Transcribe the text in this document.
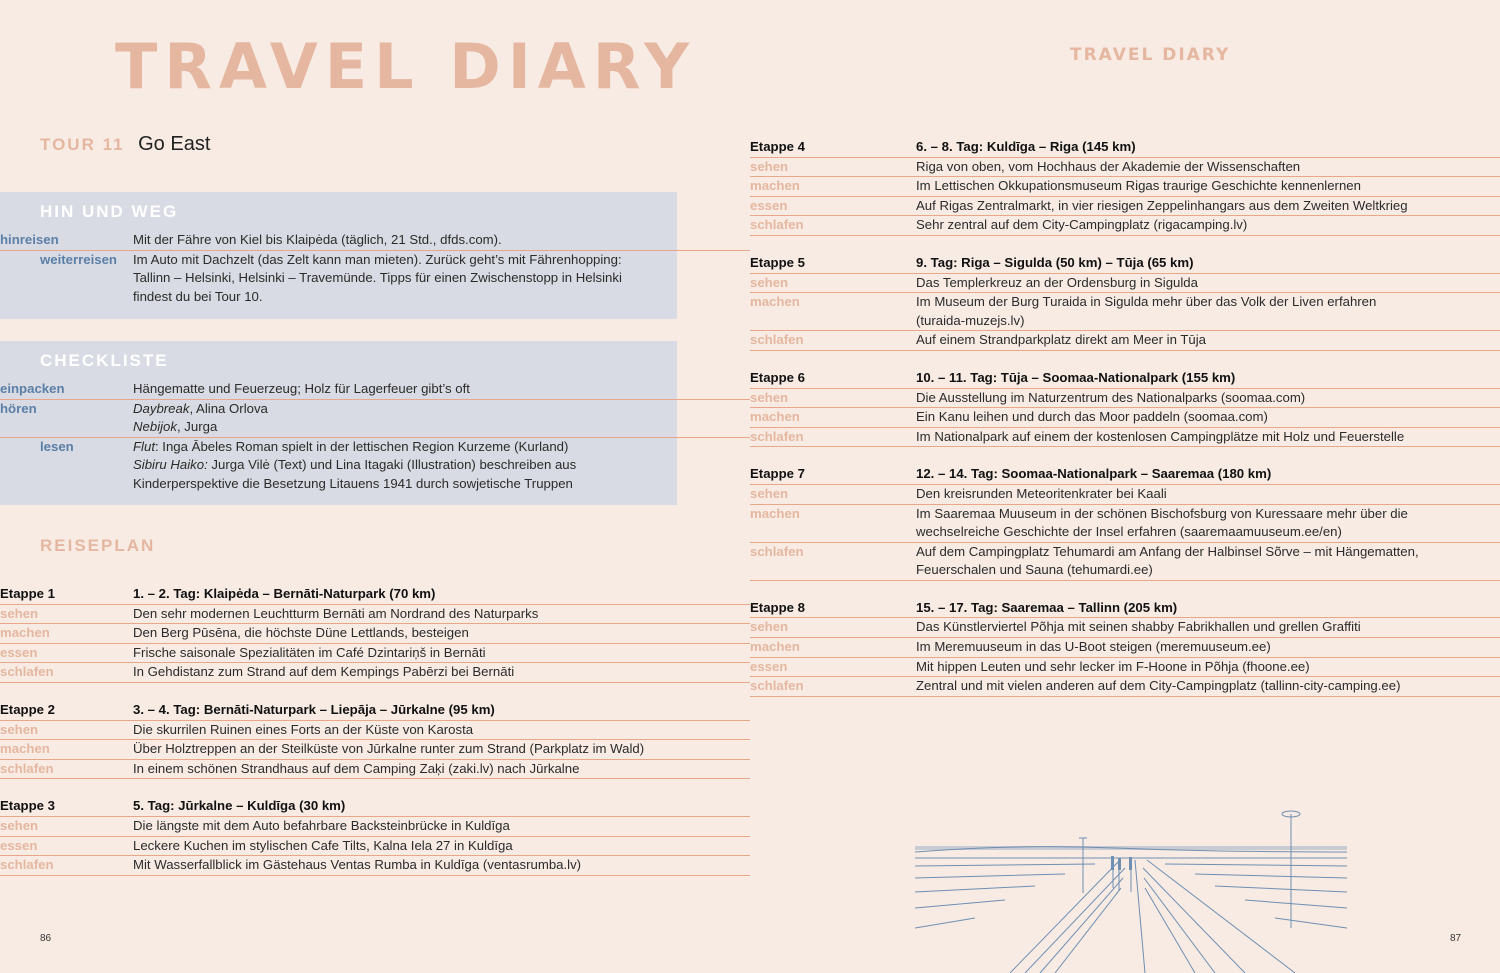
TRAVEL DIARY
TOUR 11 Go East
HIN UND WEG
hinreisen	Mit der Fähre von Kiel bis Klaipėda (täglich, 21 Std., dfds.com).
weiterreisen Im Auto mit Dachzelt (das Zelt kann man mieten). Zurück geht’s mit Fährenhopping:
Tallinn – Helsinki, Helsinki – Travemünde. Tipps für einen Zwischenstopp in Helsinki
findest du bei Tour 10.
CHECKLISTE
einpacken	Hängematte und Feuerzeug; Holz für Lagerfeuer gibt’s oft
hören	Daybreak, Alina Orlova
Nebijok, Jurga
lesen	Flut: Inga Ābeles Roman spielt in der lettischen Region Kurzeme (Kurland)
Sibiru Haiko: Jurga Vilė (Text) und Lina Itagaki (Illustration) beschreiben aus
Kinderperspektive die Besetzung Litauens 1941 durch sowjetische Truppen
REISEPLAN
Etappe 1	1. – 2. Tag: Klaipėda – Bernāti-Naturpark (70 km)
sehen	Den sehr modernen Leuchtturm Bernāti am Nordrand des Naturparks
machen	Den Berg Pūsēna, die höchste Düne Lettlands, besteigen
essen	Frische saisonale Spezialitäten im Café Dzintariņš in Bernāti
schlafen	In Gehdistanz zum Strand auf dem Kempings Pabērzi bei Bernāti
Etappe 2	3. – 4. Tag: Bernāti-Naturpark – Liepāja – Jūrkalne (95 km)
sehen	Die skurrilen Ruinen eines Forts an der Küste von Karosta
machen	Über Holztreppen an der Steilküste von Jūrkalne runter zum Strand (Parkplatz im Wald)
schlafen	In einem schönen Strandhaus auf dem Camping Zaķi (zaki.lv) nach Jūrkalne
Etappe 3	5. Tag: Jūrkalne – Kuldīga (30 km)
sehen	Die längste mit dem Auto befahrbare Backsteinbrücke in Kuldīga
essen	Leckere Kuchen im stylischen Cafe Tilts, Kalna Iela 27 in Kuldīga
schlafen	Mit Wasserfallblick im Gästehaus Ventas Rumba in Kuldīga (ventasrumba.lv)
86
TRAVEL DIARY
Etappe 4	6. – 8. Tag: Kuldīga – Riga (145 km)
sehen	Riga von oben, vom Hochhaus der Akademie der Wissenschaften
machen	Im Lettischen Okkupationsmuseum Rigas traurige Geschichte kennenlernen
essen	Auf Rigas Zentralmarkt, in vier riesigen Zeppelinhangars aus dem Zweiten Weltkrieg
schlafen	Sehr zentral auf dem City-Campingplatz (rigacamping.lv)
Etappe 5	9. Tag: Riga – Sigulda (50 km) – Tūja (65 km)
sehen	Das Templerkreuz an der Ordensburg in Sigulda
machen	Im Museum der Burg Turaida in Sigulda mehr über das Volk der Liven erfahren
(turaida-muzejs.lv)
schlafen	Auf einem Strandparkplatz direkt am Meer in Tūja
Etappe 6	10. – 11. Tag: Tūja – Soomaa-Nationalpark (155 km)
sehen	Die Ausstellung im Naturzentrum des Nationalparks (soomaa.com)
machen	Ein Kanu leihen und durch das Moor paddeln (soomaa.com)
schlafen	Im Nationalpark auf einem der kostenlosen Campingplätze mit Holz und Feuerstelle
Etappe 7	12. – 14. Tag: Soomaa-Nationalpark – Saaremaa (180 km)
sehen	Den kreisrunden Meteoritenkrater bei Kaali
machen	Im Saaremaa Muuseum in der schönen Bischofsburg von Kuressaare mehr über die
wechselreiche Geschichte der Insel erfahren (saaremaamuuseum.ee/en)
schlafen	Auf dem Campingplatz Tehumardi am Anfang der Halbinsel Sõrve – mit Hängematten,
Feuerschalen und Sauna (tehumardi.ee)
Etappe 8	15. – 17. Tag: Saaremaa – Tallinn (205 km)
sehen	Das Künstlerviertel Põhja mit seinen shabby Fabrikhallen und grellen Graffiti
machen	Im Meremuuseum in das U-Boot steigen (meremuuseum.ee)
essen	Mit hippen Leuten und sehr lecker im F-Hoone in Põhja (fhoone.ee)
schlafen	Zentral und mit vielen anderen auf dem City-Campingplatz (tallinn-city-camping.ee)
87
